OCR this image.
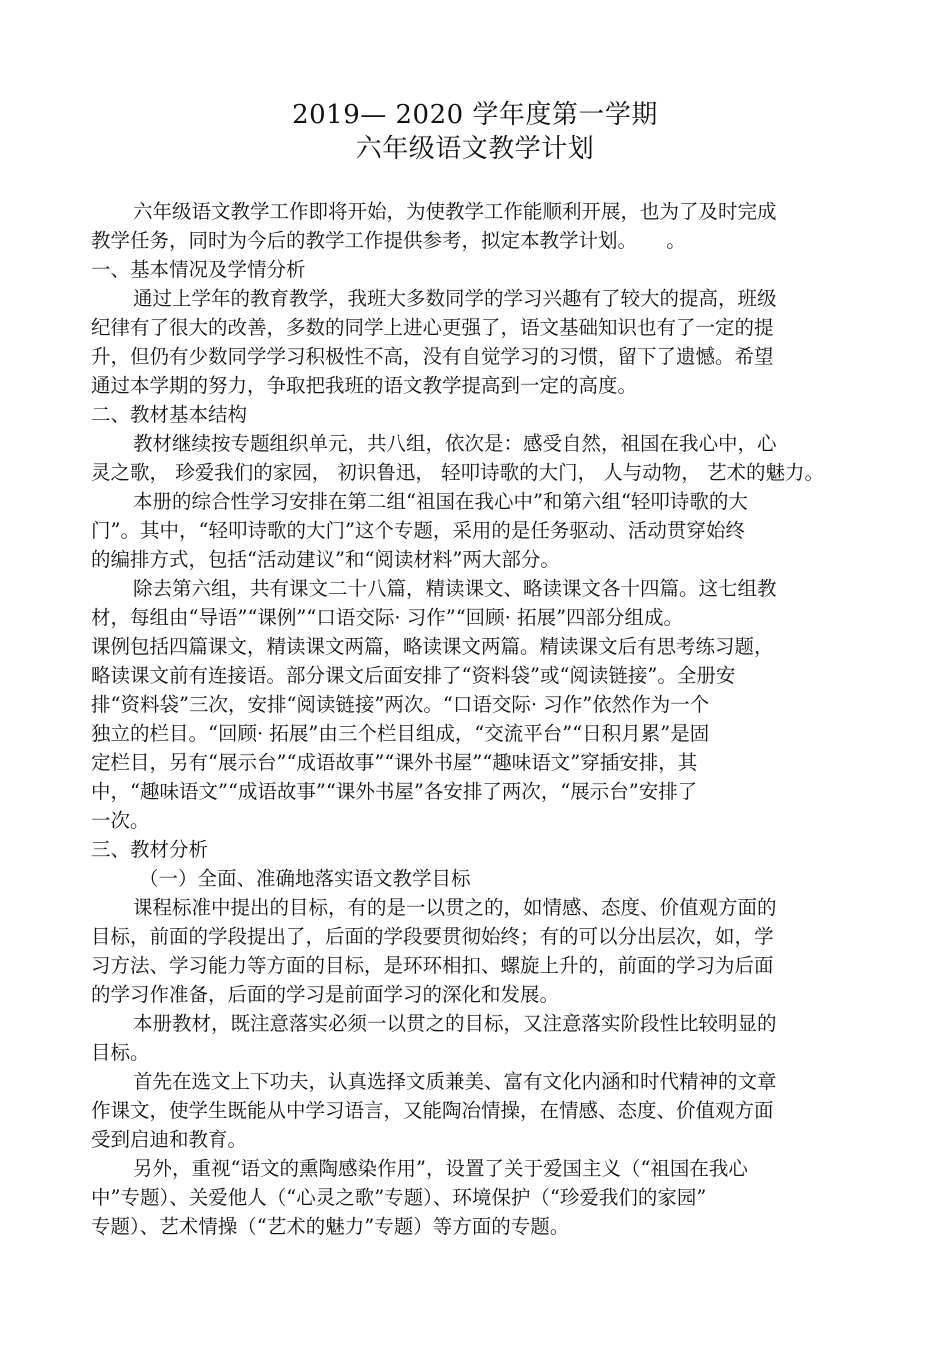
2019— 2020 学年度第一学期
六年级语文教学计划
六年级语文教学工作即将开始，为使教学工作能顺利开展，也为了及时完成
教学任务，同时为今后的教学工作提供参考，拟定本教学计划。　　。
一、基本情况及学情分析
通过上学年的教育教学，我班大多数同学的学习兴趣有了较大的提高，班级
纪律有了很大的改善，多数的同学上进心更强了，语文基础知识也有了一定的提
升，但仍有少数同学学习积极性不高，没有自觉学习的习惯，留下了遗憾。希望
通过本学期的努力，争取把我班的语文教学提高到一定的高度。
二、教材基本结构
教材继续按专题组织单元，共八组，依次是：感受自然，祖国在我心中，心
灵之歌， 珍爱我们的家园， 初识鲁迅， 轻叩诗歌的大门， 人与动物， 艺术的魅力。
本册的综合性学习安排在第二组“祖国在我心中”和第六组“轻叩诗歌的大
门”。其中，“轻叩诗歌的大门”这个专题，采用的是任务驱动、活动贯穿始终
的编排方式，包括“活动建议”和“阅读材料”两大部分。
除去第六组，共有课文二十八篇，精读课文、略读课文各十四篇。这七组教
材，每组由“导语”“课例”“口语交际· 习作”“回顾· 拓展”四部分组成。
课例包括四篇课文，精读课文两篇，略读课文两篇。精读课文后有思考练习题，
略读课文前有连接语。部分课文后面安排了“资料袋”或“阅读链接”。全册安
排“资料袋”三次，安排“阅读链接”两次。“口语交际· 习作”依然作为一个
独立的栏目。“回顾· 拓展”由三个栏目组成，“交流平台”“日积月累”是固
定栏目，另有“展示台”“成语故事”“课外书屋”“趣味语文”穿插安排，其
中，“趣味语文”“成语故事”“课外书屋”各安排了两次，“展示台”安排了
一次。
三、教材分析
（一）全面、准确地落实语文教学目标
课程标准中提出的目标，有的是一以贯之的，如情感、态度、价值观方面的
目标，前面的学段提出了，后面的学段要贯彻始终；有的可以分出层次，如，学
习方法、学习能力等方面的目标，是环环相扣、螺旋上升的，前面的学习为后面
的学习作准备，后面的学习是前面学习的深化和发展。
本册教材，既注意落实必须一以贯之的目标，又注意落实阶段性比较明显的
目标。
首先在选文上下功夫，认真选择文质兼美、富有文化内涵和时代精神的文章
作课文，使学生既能从中学习语言，又能陶冶情操，在情感、态度、价值观方面
受到启迪和教育。
另外，重视“语文的熏陶感染作用”，设置了关于爱国主义（“祖国在我心
中”专题）、关爱他人（“心灵之歌”专题）、环境保护（“珍爱我们的家园”
专题）、艺术情操（“艺术的魅力”专题）等方面的专题。
